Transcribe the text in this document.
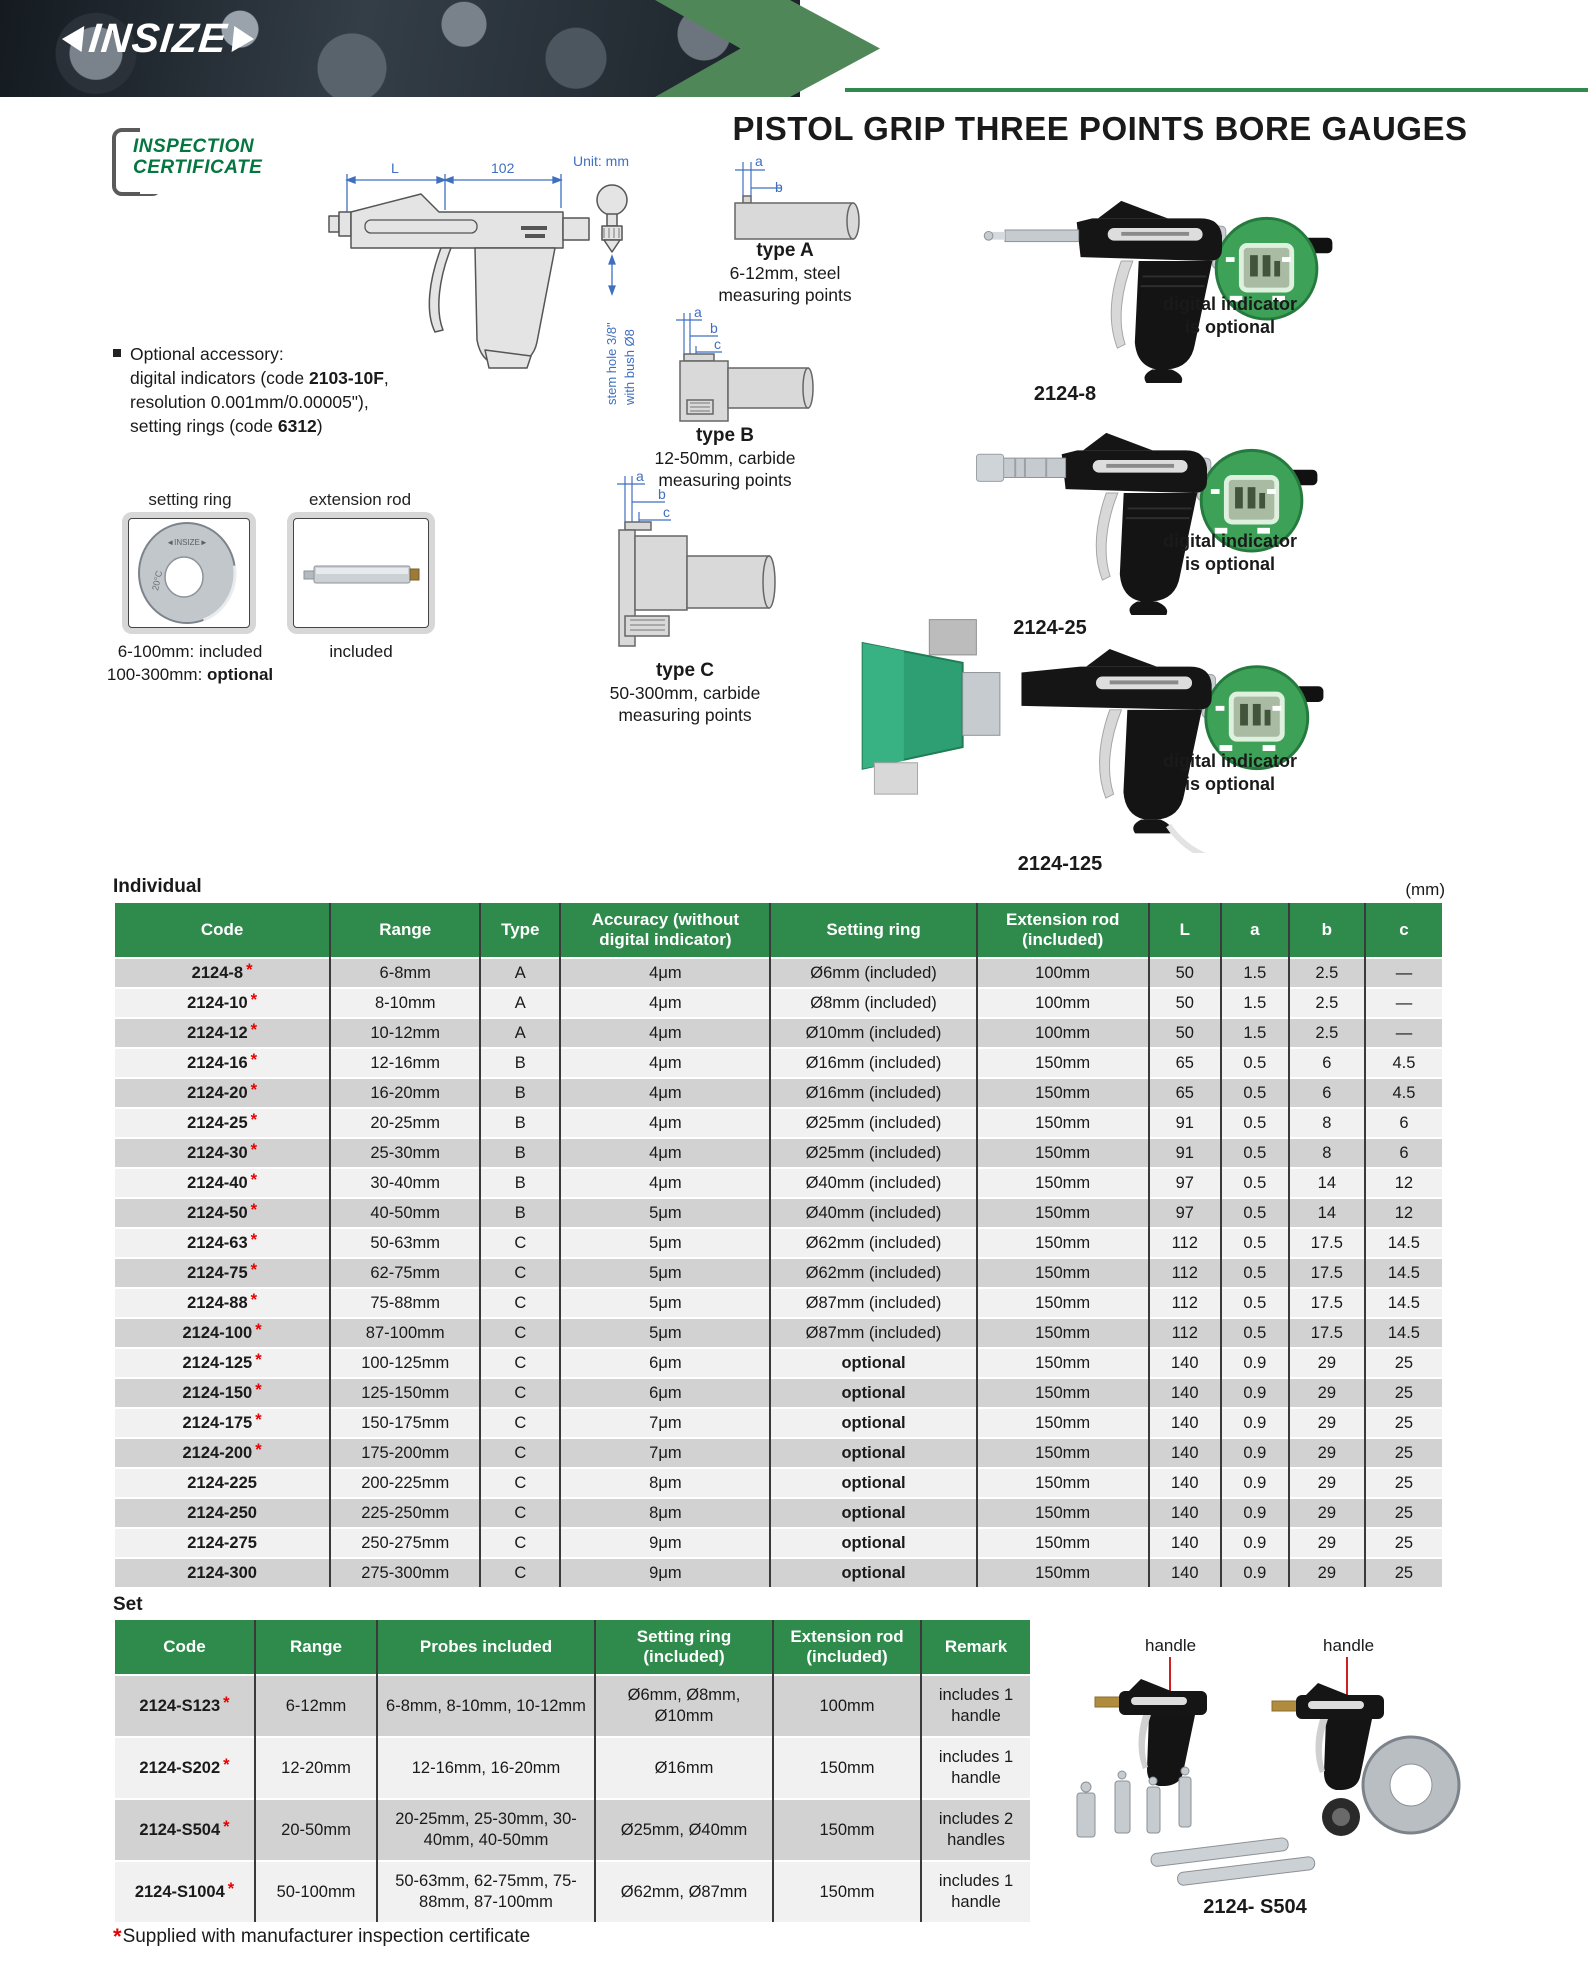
INSIZE
INSPECTION
CERTIFICATE
PISTOL GRIP THREE POINTS BORE GAUGES
L	102	Unit: mm
stem hole 3/8" with bush Ø8
Optional accessory:
digital indicators (code 2103-10F,
resolution 0.001mm/0.00005"),
setting rings (code 6312)
setting ring
◄INSIZE►
20°C
6-100mm: included
100-300mm: optional
extension rod
included
a
b
type A
6-12mm, steel
measuring points
a
b
c
type B
12-50mm, carbide
measuring points
a
b
c
type C
50-300mm, carbide
measuring points
digital indicator
is optional
2124-8
digital indicator
is optional
2124-25
digital indicator
is optional
2124-125
Individual	(mm)
Code	Range	Type	Accuracy (without digital indicator)	Setting ring	Extension rod (included)	L	a	b	c
2124-8 *	6-8mm	A	4μm	Ø6mm (included)	100mm	50	1.5	2.5	—
2124-10 *	8-10mm	A	4μm	Ø8mm (included)	100mm	50	1.5	2.5	—
2124-12 *	10-12mm	A	4μm	Ø10mm (included)	100mm	50	1.5	2.5	—
2124-16 *	12-16mm	B	4μm	Ø16mm (included)	150mm	65	0.5	6	4.5
2124-20 *	16-20mm	B	4μm	Ø16mm (included)	150mm	65	0.5	6	4.5
2124-25 *	20-25mm	B	4μm	Ø25mm (included)	150mm	91	0.5	8	6
2124-30 *	25-30mm	B	4μm	Ø25mm (included)	150mm	91	0.5	8	6
2124-40 *	30-40mm	B	4μm	Ø40mm (included)	150mm	97	0.5	14	12
2124-50 *	40-50mm	B	5μm	Ø40mm (included)	150mm	97	0.5	14	12
2124-63 *	50-63mm	C	5μm	Ø62mm (included)	150mm	112	0.5	17.5	14.5
2124-75 *	62-75mm	C	5μm	Ø62mm (included)	150mm	112	0.5	17.5	14.5
2124-88 *	75-88mm	C	5μm	Ø87mm (included)	150mm	112	0.5	17.5	14.5
2124-100 *	87-100mm	C	5μm	Ø87mm (included)	150mm	112	0.5	17.5	14.5
2124-125 *	100-125mm	C	6μm	optional	150mm	140	0.9	29	25
2124-150 *	125-150mm	C	6μm	optional	150mm	140	0.9	29	25
2124-175 *	150-175mm	C	7μm	optional	150mm	140	0.9	29	25
2124-200 *	175-200mm	C	7μm	optional	150mm	140	0.9	29	25
2124-225	200-225mm	C	8μm	optional	150mm	140	0.9	29	25
2124-250	225-250mm	C	8μm	optional	150mm	140	0.9	29	25
2124-275	250-275mm	C	9μm	optional	150mm	140	0.9	29	25
2124-300	275-300mm	C	9μm	optional	150mm	140	0.9	29	25
Set
Code	Range	Probes included	Setting ring (included)	Extension rod (included)	Remark
2124-S123 *	6-12mm	6-8mm, 8-10mm, 10-12mm	Ø6mm, Ø8mm, Ø10mm	100mm	includes 1 handle
2124-S202 *	12-20mm	12-16mm, 16-20mm	Ø16mm	150mm	includes 1 handle
2124-S504 *	20-50mm	20-25mm, 25-30mm, 30-40mm, 40-50mm	Ø25mm, Ø40mm	150mm	includes 2 handles
2124-S1004 *	50-100mm	50-63mm, 62-75mm, 75-88mm, 87-100mm	Ø62mm, Ø87mm	150mm	includes 1 handle
handle	handle
2124- S504
*Supplied with manufacturer inspection certificate
